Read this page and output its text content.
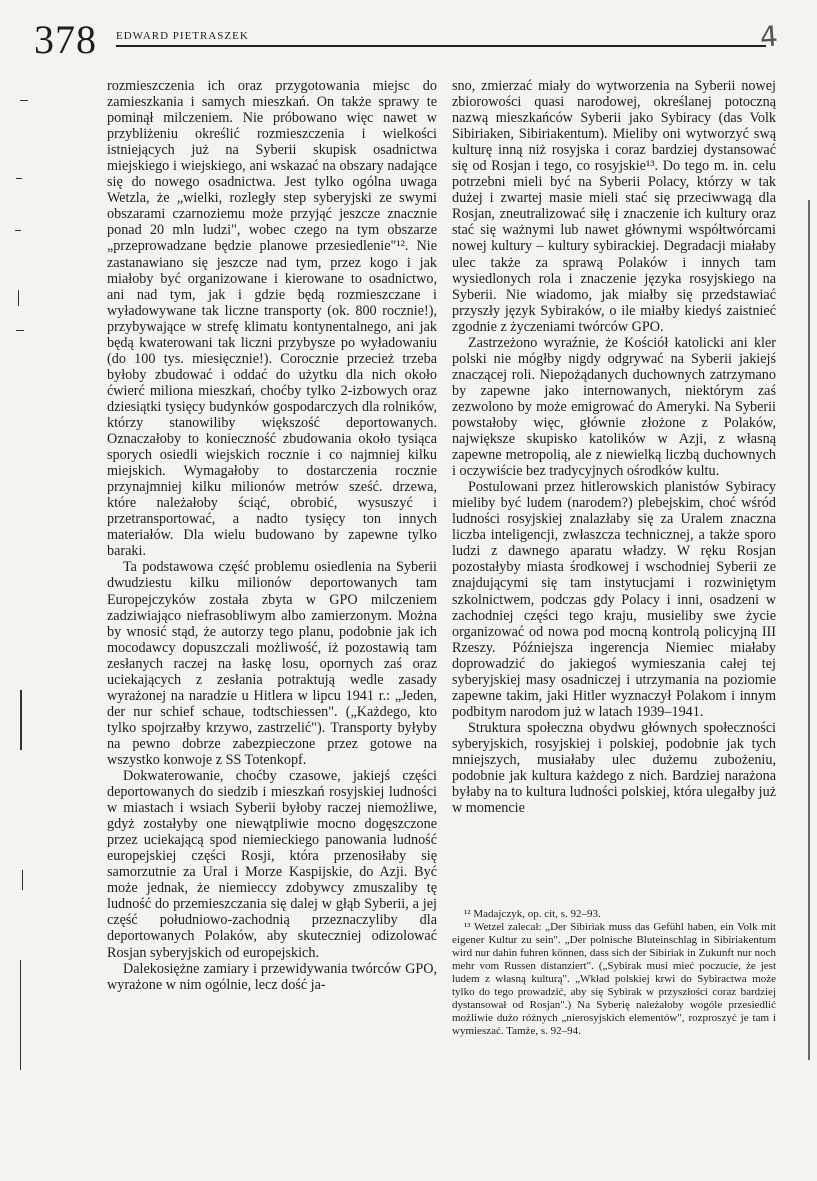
378 EDWARD PIETRASZEK	4

rozmieszczenia ich oraz przygotowania miejsc do zamieszkania i samych mieszkań. On także sprawy te pominął milczeniem. Nie próbowano więc nawet w przybliżeniu określić rozmieszczenia i wielkości istniejących już na Syberii skupisk osadnictwa miejskiego i wiejskiego, ani wskazać na obszary nadające się do nowego osadnictwa. Jest tylko ogólna uwaga Wetzla, że „wielki, rozległy step syberyjski ze swymi obszarami czarnoziemu może przyjąć jeszcze znacznie ponad 20 mln ludzi", wobec czego na tym obszarze „przeprowadzane będzie planowe przesiedlenie"¹². Nie zastanawiano się jeszcze nad tym, przez kogo i jak miałoby być organizowane i kierowane to osadnictwo, ani nad tym, jak i gdzie będą rozmieszczane i wyładowywane tak liczne transporty (ok. 800 rocznie!), przybywające w strefę klimatu kontynentalnego, ani jak będą kwaterowani tak liczni przybysze po wyładowaniu (do 100 tys. miesięcznie!). Corocznie przecież trzeba byłoby zbudować i oddać do użytku dla nich około ćwierć miliona mieszkań, choćby tylko 2-izbowych oraz dziesiątki tysięcy budynków gospodarczych dla rolników, którzy stanowiliby większość deportowanych. Oznaczałoby to konieczność zbudowania około tysiąca sporych osiedli wiejskich rocznie i co najmniej kilku miejskich. Wymagałoby to dostarczenia rocznie przynajmniej kilku milionów metrów sześć. drzewa, które należałoby ściąć, obrobić, wysuszyć i przetransportować, a nadto tysięcy ton innych materiałów. Dla wielu budowano by zapewne tylko baraki.

Ta podstawowa część problemu osiedlenia na Syberii dwudziestu kilku milionów deportowanych tam Europejczyków została zbyta w GPO milczeniem zadziwiająco niefrasobliwym albo zamierzonym. Można by wnosić stąd, że autorzy tego planu, podobnie jak ich mocodawcy dopuszczali możliwość, iż pozostawią tam zesłanych raczej na łaskę losu, opornych zaś oraz uciekających z zesłania potraktują wedle zasady wyrażonej na naradzie u Hitlera w lipcu 1941 r.: „Jeden, der nur schief schaue, todtschiessen". („Każdego, kto tylko spojrzałby krzywo, zastrzelić"). Transporty byłyby na pewno dobrze zabezpieczone przez gotowe na wszystko konwoje z SS Totenkopf.

Dokwaterowanie, choćby czasowe, jakiejś części deportowanych do siedzib i mieszkań rosyjskiej ludności w miastach i wsiach Syberii byłoby raczej niemożliwe, gdyż zostałyby one niewątpliwie mocno dogęszczone przez uciekającą spod niemieckiego panowania ludność europejskiej części Rosji, która przenosiłaby się samorzutnie za Ural i Morze Kaspijskie, do Azji. Być może jednak, że niemieccy zdobywcy zmuszaliby tę ludność do przemieszczania się dalej w głąb Syberii, a jej część południowo-zachodnią przeznaczyliby dla deportowanych Polaków, aby skuteczniej odizolować Rosjan syberyjskich od europejskich.

Dalekosiężne zamiary i przewidywania twórców GPO, wyrażone w nim ogólnie, lecz dość ja-

sno, zmierzać miały do wytworzenia na Syberii nowej zbiorowości quasi narodowej, określanej potoczną nazwą mieszkańców Syberii jako Sybiracy (das Volk Sibiriaken, Sibiriakentum). Mieliby oni wytworzyć swą kulturę inną niż rosyjska i coraz bardziej dystansować się od Rosjan i tego, co rosyjskie¹³. Do tego m. in. celu potrzebni mieli być na Syberii Polacy, którzy w tak dużej i zwartej masie mieli stać się przeciwwagą dla Rosjan, zneutralizować siłę i znaczenie ich kultury oraz stać się ważnymi lub nawet głównymi współtwórcami nowej kultury – kultury sybirackiej. Degradacji miałaby ulec także za sprawą Polaków i innych tam wysiedlonych rola i znaczenie języka rosyjskiego na Syberii. Nie wiadomo, jak miałby się przedstawiać przyszły język Sybiraków, o ile miałby kiedyś zaistnieć zgodnie z życzeniami twórców GPO.

Zastrzeżono wyraźnie, że Kościół katolicki ani kler polski nie mógłby nigdy odgrywać na Syberii jakiejś znaczącej roli. Niepożądanych duchownych zatrzymano by zapewne jako internowanych, niektórym zaś zezwolono by może emigrować do Ameryki. Na Syberii powstałoby więc, głównie złożone z Polaków, największe skupisko katolików w Azji, z własną zapewne metropolią, ale z niewielką liczbą duchownych i oczywiście bez tradycyjnych ośrodków kultu.

Postulowani przez hitlerowskich planistów Sybiracy mieliby być ludem (narodem?) plebejskim, choć wśród ludności rosyjskiej znalazłaby się za Uralem znaczna liczba inteligencji, zwłaszcza technicznej, a także sporo ludzi z dawnego aparatu władzy. W ręku Rosjan pozostałyby miasta środkowej i wschodniej Syberii ze znajdującymi się tam instytucjami i rozwiniętym szkolnictwem, podczas gdy Polacy i inni, osadzeni w zachodniej części tego kraju, musieliby swe życie organizować od nowa pod mocną kontrolą policyjną III Rzeszy. Późniejsza ingerencja Niemiec miałaby doprowadzić do jakiegoś wymieszania całej tej syberyjskiej masy osadniczej i utrzymania na poziomie zapewne takim, jaki Hitler wyznaczył Polakom i innym podbitym narodom już w latach 1939–1941.

Struktura społeczna obydwu głównych społeczności syberyjskich, rosyjskiej i polskiej, podobnie jak tych mniejszych, musiałaby ulec dużemu zubożeniu, podobnie jak kultura każdego z nich. Bardziej narażona byłaby na to kultura ludności polskiej, która ulegałby już w momencie

¹² Madajczyk, op. cit, s. 92–93.

¹³ Wetzel zalecał: „Der Sibiriak muss das Gefühl haben, ein Volk mit eigener Kultur zu sein". „Der polnische Bluteinschlag in Sibiriakentum wird nur dahin fuhren können, dass sich der Sibiriak in Zukunft nur noch mehr vom Russen distanziert". („Sybirak musi mieć poczucie, że jest ludem z własną kulturą". „Wkład polskiej krwi do Sybiractwa może tylko do tego prowadzić, aby się Sybirak w przyszłości coraz bardziej dystansował od Rosjan".) Na Syberię należałoby wogóle przesiedlić możliwie dużo różnych „nierosyjskich elementów", rozproszyć je tam i wymieszać. Tamże, s. 92–94.
